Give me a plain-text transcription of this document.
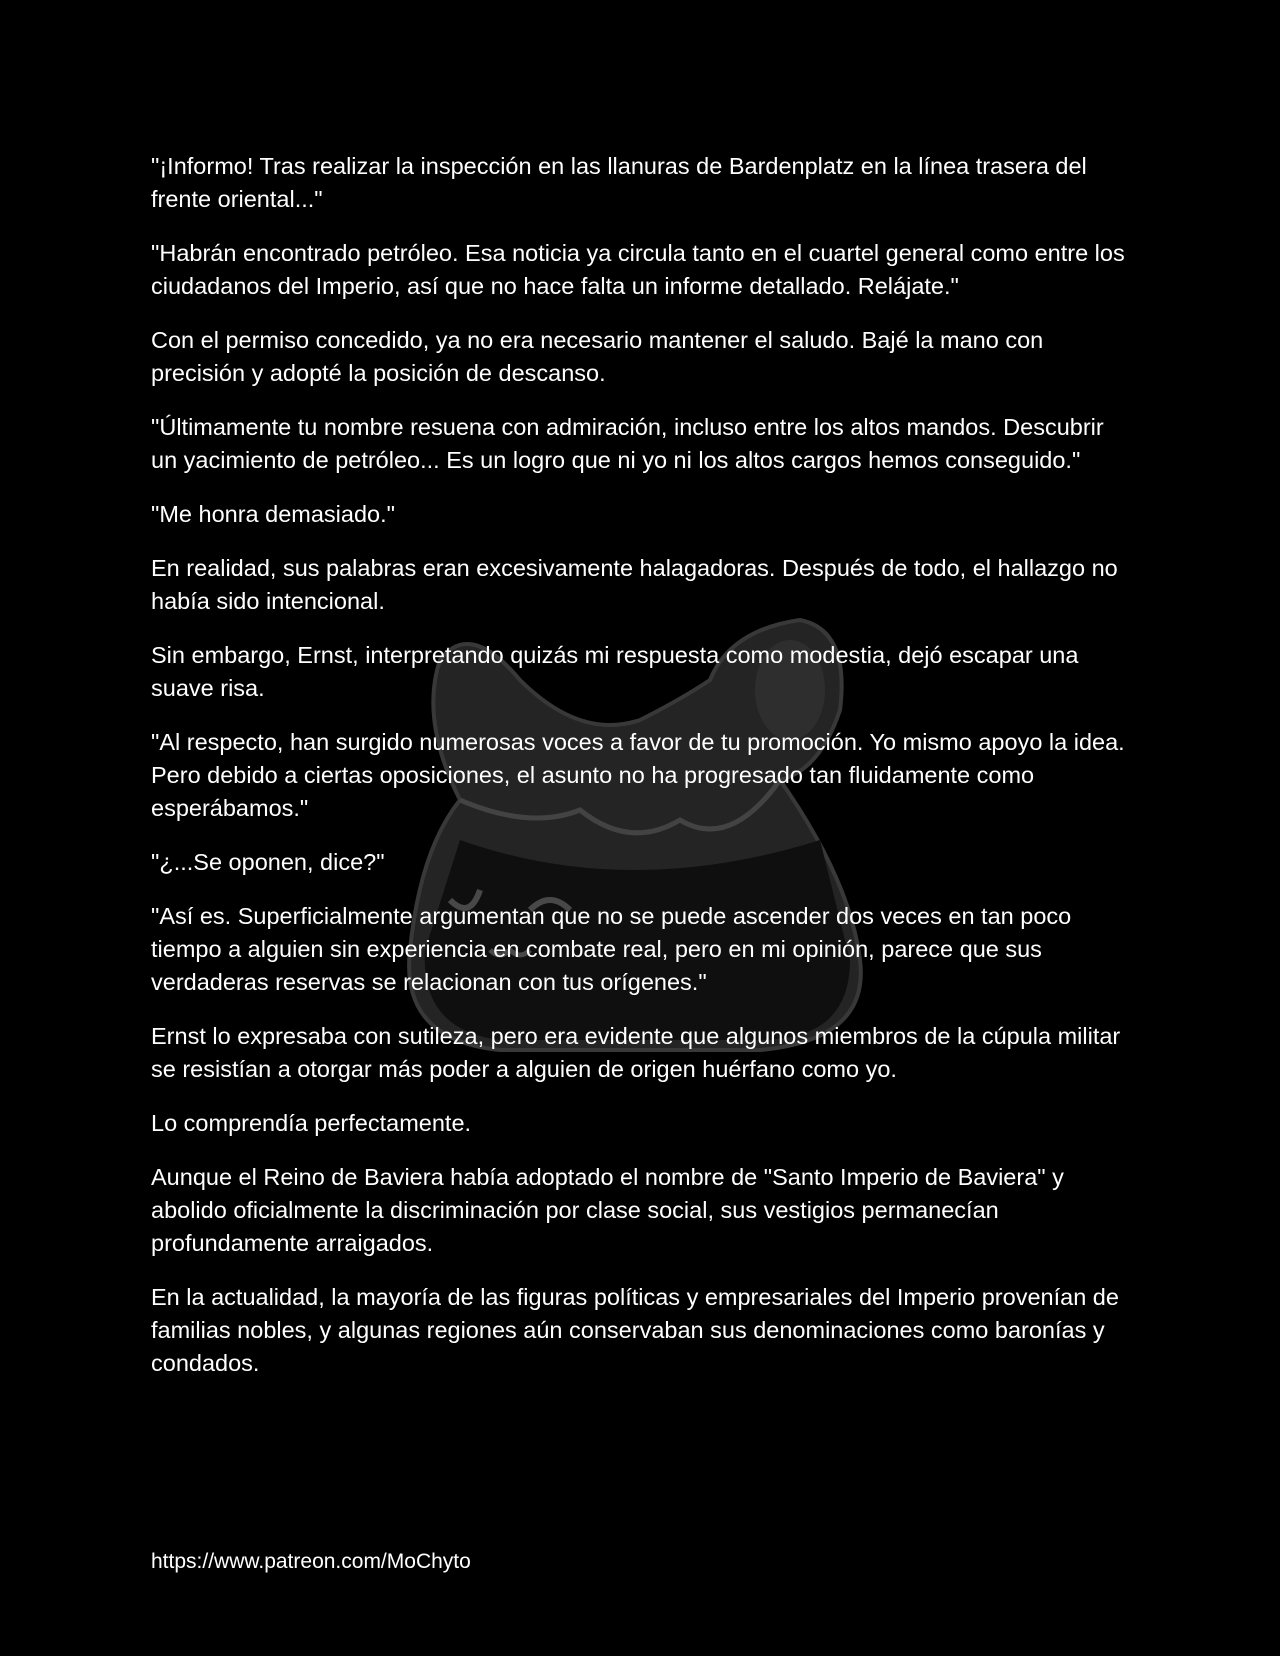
"¡Informo! Tras realizar la inspección en las llanuras de Bardenplatz en la línea trasera del frente oriental..."

"Habrán encontrado petróleo. Esa noticia ya circula tanto en el cuartel general como entre los ciudadanos del Imperio, así que no hace falta un informe detallado. Relájate."

Con el permiso concedido, ya no era necesario mantener el saludo. Bajé la mano con precisión y adopté la posición de descanso.

"Últimamente tu nombre resuena con admiración, incluso entre los altos mandos. Descubrir un yacimiento de petróleo... Es un logro que ni yo ni los altos cargos hemos conseguido."

"Me honra demasiado."

En realidad, sus palabras eran excesivamente halagadoras. Después de todo, el hallazgo no había sido intencional.

Sin embargo, Ernst, interpretando quizás mi respuesta como modestia, dejó escapar una suave risa.

"Al respecto, han surgido numerosas voces a favor de tu promoción. Yo mismo apoyo la idea. Pero debido a ciertas oposiciones, el asunto no ha progresado tan fluidamente como esperábamos."

"¿...Se oponen, dice?"

"Así es. Superficialmente argumentan que no se puede ascender dos veces en tan poco tiempo a alguien sin experiencia en combate real, pero en mi opinión, parece que sus verdaderas reservas se relacionan con tus orígenes."

Ernst lo expresaba con sutileza, pero era evidente que algunos miembros de la cúpula militar se resistían a otorgar más poder a alguien de origen huérfano como yo.

Lo comprendía perfectamente.

Aunque el Reino de Baviera había adoptado el nombre de "Santo Imperio de Baviera" y abolido oficialmente la discriminación por clase social, sus vestigios permanecían profundamente arraigados.

En la actualidad, la mayoría de las figuras políticas y empresariales del Imperio provenían de familias nobles, y algunas regiones aún conservaban sus denominaciones como baronías y condados.

https://www.patreon.com/MoChyto
